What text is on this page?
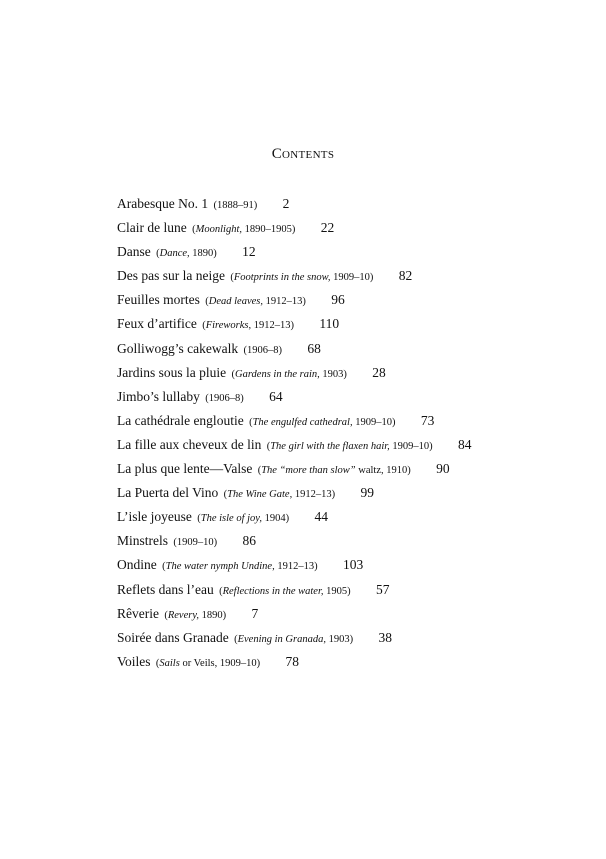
Contents
Arabesque No. 1 (1888–91) 2
Clair de lune (Moonlight, 1890–1905) 22
Danse (Dance, 1890) 12
Des pas sur la neige (Footprints in the snow, 1909–10) 82
Feuilles mortes (Dead leaves, 1912–13) 96
Feux d’artifice (Fireworks, 1912–13) 110
Golliwogg’s cakewalk (1906–8) 68
Jardins sous la pluie (Gardens in the rain, 1903) 28
Jimbo’s lullaby (1906–8) 64
La cathédrale engloutie (The engulfed cathedral, 1909–10) 73
La fille aux cheveux de lin (The girl with the flaxen hair, 1909–10) 84
La plus que lente—Valse (The “more than slow” waltz, 1910) 90
La Puerta del Vino (The Wine Gate, 1912–13) 99
L’isle joyeuse (The isle of joy, 1904) 44
Minstrels (1909–10) 86
Ondine (The water nymph Undine, 1912–13) 103
Reflets dans l’eau (Reflections in the water, 1905) 57
Rêverie (Revery, 1890) 7
Soirée dans Granade (Evening in Granada, 1903) 38
Voiles (Sails or Veils, 1909–10) 78
